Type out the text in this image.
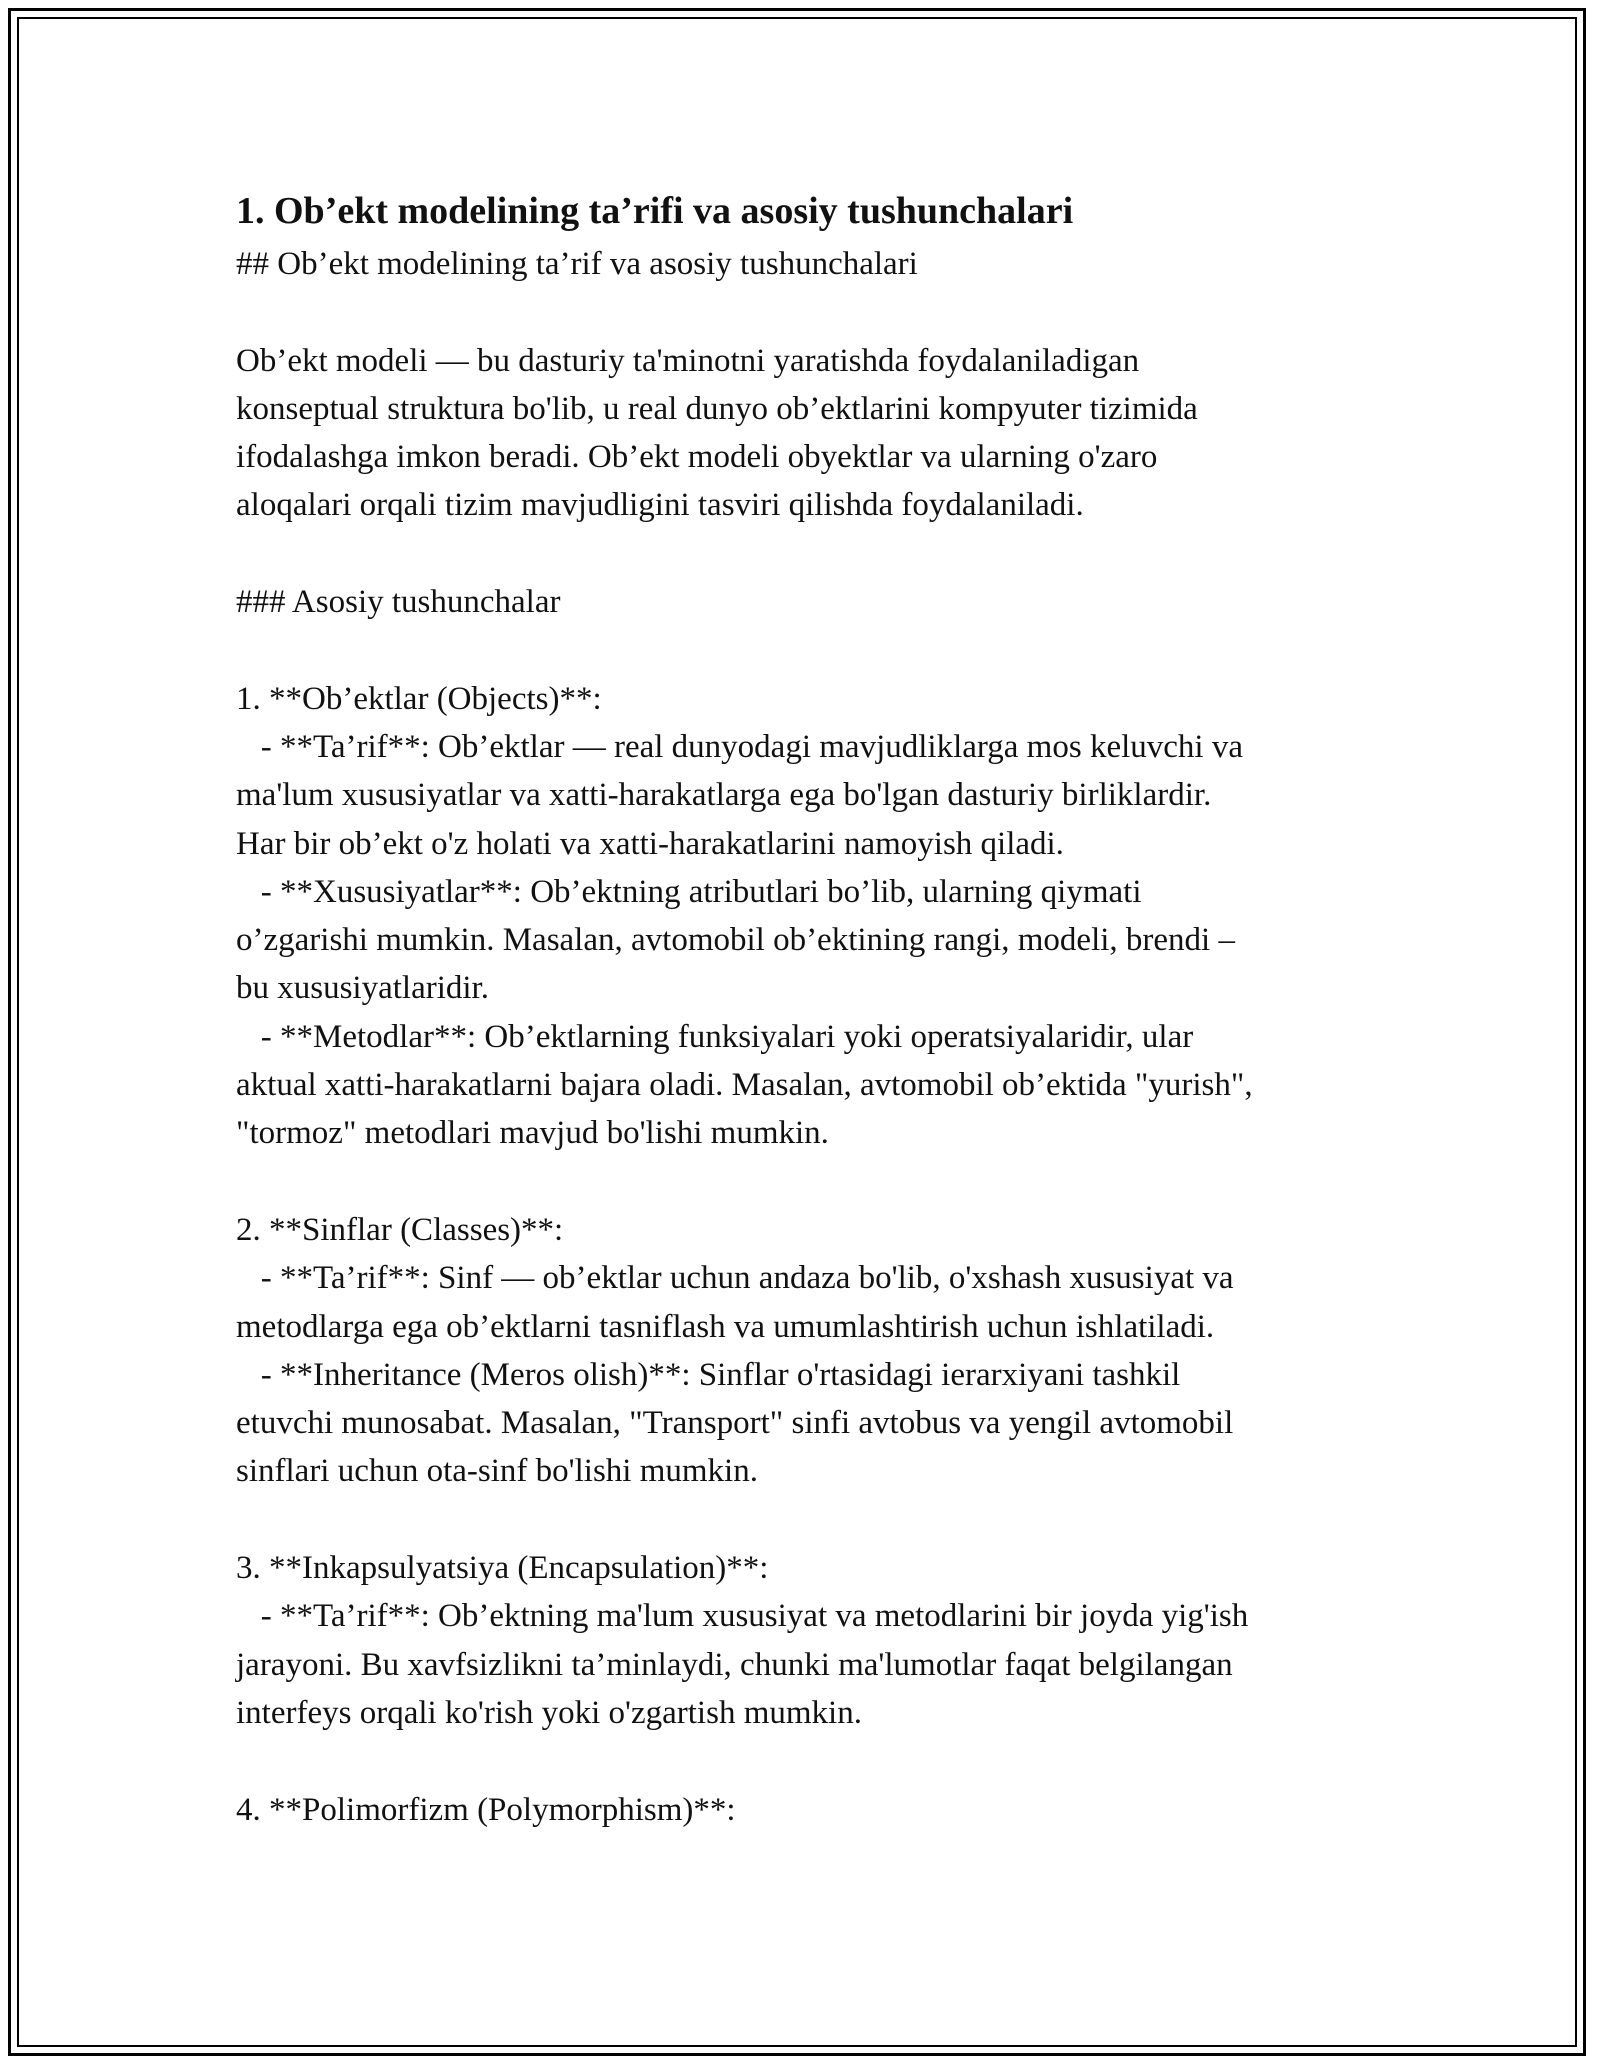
1. Ob’ekt modelining ta’rifi va asosiy tushunchalari

## Ob’ekt modelining ta’rif va asosiy tushunchalari

Ob’ekt modeli — bu dasturiy ta'minotni yaratishda foydalaniladigan

konseptual struktura bo'lib, u real dunyo ob’ektlarini kompyuter tizimida

ifodalashga imkon beradi. Ob’ekt modeli obyektlar va ularning o'zaro

aloqalari orqali tizim mavjudligini tasviri qilishda foydalaniladi.

### Asosiy tushunchalar

1. **Ob’ektlar (Objects)**:

- **Ta’rif**: Ob’ektlar — real dunyodagi mavjudliklarga mos keluvchi va

ma'lum xususiyatlar va xatti-harakatlarga ega bo'lgan dasturiy birliklardir.

Har bir ob’ekt o'z holati va xatti-harakatlarini namoyish qiladi.

- **Xususiyatlar**: Ob’ektning atributlari bo’lib, ularning qiymati

o’zgarishi mumkin. Masalan, avtomobil ob’ektining rangi, modeli, brendi –

bu xususiyatlaridir.

- **Metodlar**: Ob’ektlarning funksiyalari yoki operatsiyalaridir, ular

aktual xatti-harakatlarni bajara oladi. Masalan, avtomobil ob’ektida "yurish",

"tormoz" metodlari mavjud bo'lishi mumkin.

2. **Sinflar (Classes)**:

- **Ta’rif**: Sinf — ob’ektlar uchun andaza bo'lib, o'xshash xususiyat va

metodlarga ega ob’ektlarni tasniflash va umumlashtirish uchun ishlatiladi.

- **Inheritance (Meros olish)**: Sinflar o'rtasidagi ierarxiyani tashkil

etuvchi munosabat. Masalan, "Transport" sinfi avtobus va yengil avtomobil

sinflari uchun ota-sinf bo'lishi mumkin.

3. **Inkapsulyatsiya (Encapsulation)**:

- **Ta’rif**: Ob’ektning ma'lum xususiyat va metodlarini bir joyda yig'ish

jarayoni. Bu xavfsizlikni ta’minlaydi, chunki ma'lumotlar faqat belgilangan

interfeys orqali ko'rish yoki o'zgartish mumkin.

4. **Polimorfizm (Polymorphism)**:
